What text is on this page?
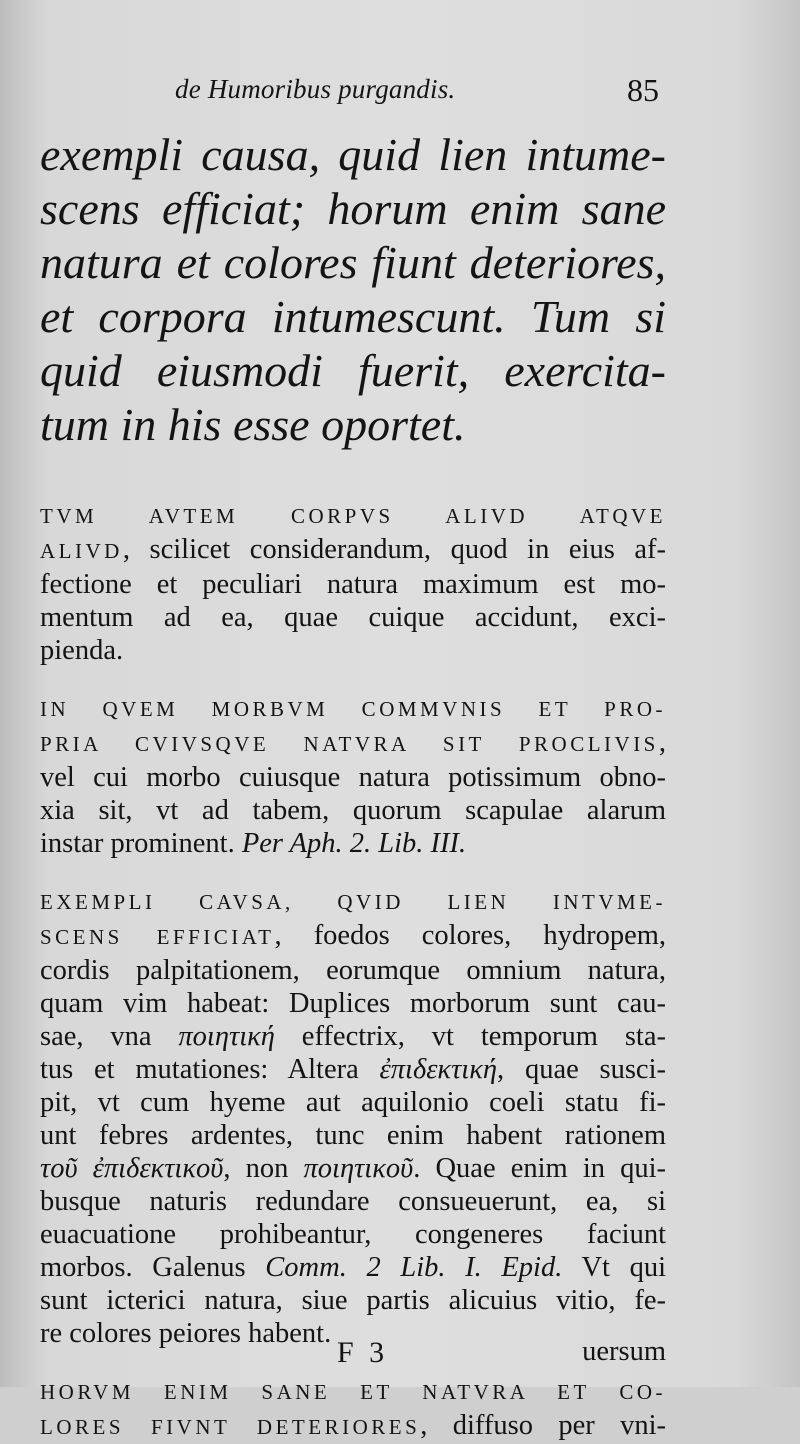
de Humoribus purgandis.	85
exempli causa, quid lien intume-
scens efficiat; horum enim sane
natura et colores fiunt deteriores,
et corpora intumescunt. Tum si
quid eiusmodi fuerit, exercita-
tum in his esse oportet.
TVM AVTEM CORPVS ALIVD ATQVE
ALIVD, scilicet considerandum, quod in eius af-
fectione et peculiari natura maximum est mo-
mentum ad ea, quae cuique accidunt, exci-
pienda.
IN QVEM MORBVM COMMVNIS ET PRO-
PRIA CVIVSQVE NATVRA SIT PROCLIVIS,
vel cui morbo cuiusque natura potissimum obno-
xia sit, vt ad tabem, quorum scapulae alarum
instar prominent. Per Aph. 2. Lib. III.
EXEMPLI CAVSA, QVID LIEN INTVME-
SCENS EFFICIAT, foedos colores, hydropem,
cordis palpitationem, eorumque omnium natura,
quam vim habeat: Duplices morborum sunt cau-
sae, vna ποιητική effectrix, vt temporum sta-
tus et mutationes: Altera ἐπιδεκτική, quae susci-
pit, vt cum hyeme aut aquilonio coeli statu fi-
unt febres ardentes, tunc enim habent rationem
τοῦ ἐπιδεκτικοῦ, non ποιητικοῦ. Quae enim in qui-
busque naturis redundare consueuerunt, ea, si
euacuatione prohibeantur, congeneres faciunt
morbos. Galenus Comm. 2 Lib. I. Epid. Vt qui
sunt icterici natura, siue partis alicuius vitio, fe-
re colores peiores habent.
HORVM ENIM SANE ET NATVRA ET CO-
LORES FIVNT DETERIORES, diffuso per vni-
F 3	uersum
